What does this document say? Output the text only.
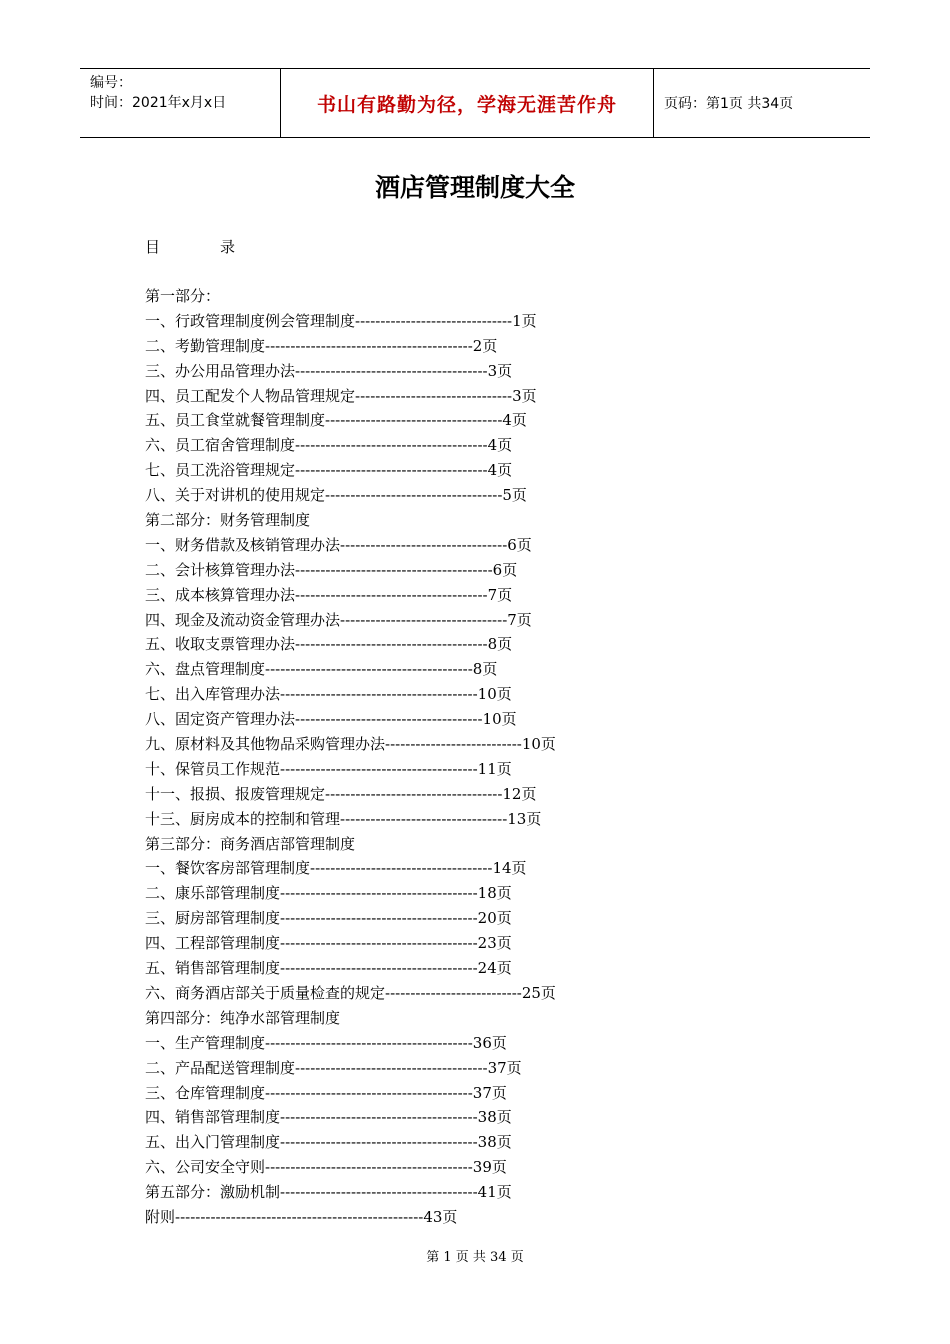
编号：
时间：2021年x月x日	书山有路勤为径，学海无涯苦作舟	页码：第1页 共34页
酒店管理制度大全
目	录
第一部分：
一、行政管理制度例会管理制度-------------------------------1页
二、考勤管理制度-----------------------------------------2页
三、办公用品管理办法--------------------------------------3页
四、员工配发个人物品管理规定-------------------------------3页
五、员工食堂就餐管理制度-----------------------------------4页
六、员工宿舍管理制度--------------------------------------4页
七、员工洗浴管理规定--------------------------------------4页
八、关于对讲机的使用规定-----------------------------------5页
第二部分：财务管理制度
一、财务借款及核销管理办法---------------------------------6页
二、会计核算管理办法---------------------------------------6页
三、成本核算管理办法--------------------------------------7页
四、现金及流动资金管理办法---------------------------------7页
五、收取支票管理办法--------------------------------------8页
六、盘点管理制度-----------------------------------------8页
七、出入库管理办法---------------------------------------10页
八、固定资产管理办法-------------------------------------10页
九、原材料及其他物品采购管理办法---------------------------10页
十、保管员工作规范---------------------------------------11页
十一、报损、报废管理规定-----------------------------------12页
十三、厨房成本的控制和管理---------------------------------13页
第三部分：商务酒店部管理制度
一、餐饮客房部管理制度------------------------------------14页
二、康乐部管理制度---------------------------------------18页
三、厨房部管理制度---------------------------------------20页
四、工程部管理制度---------------------------------------23页
五、销售部管理制度---------------------------------------24页
六、商务酒店部关于质量检查的规定---------------------------25页
第四部分：纯净水部管理制度
一、生产管理制度-----------------------------------------36页
二、产品配送管理制度--------------------------------------37页
三、仓库管理制度-----------------------------------------37页
四、销售部管理制度---------------------------------------38页
五、出入门管理制度---------------------------------------38页
六、公司安全守则-----------------------------------------39页
第五部分：激励机制---------------------------------------41页
附则-------------------------------------------------43页
第 1 页 共 34 页
